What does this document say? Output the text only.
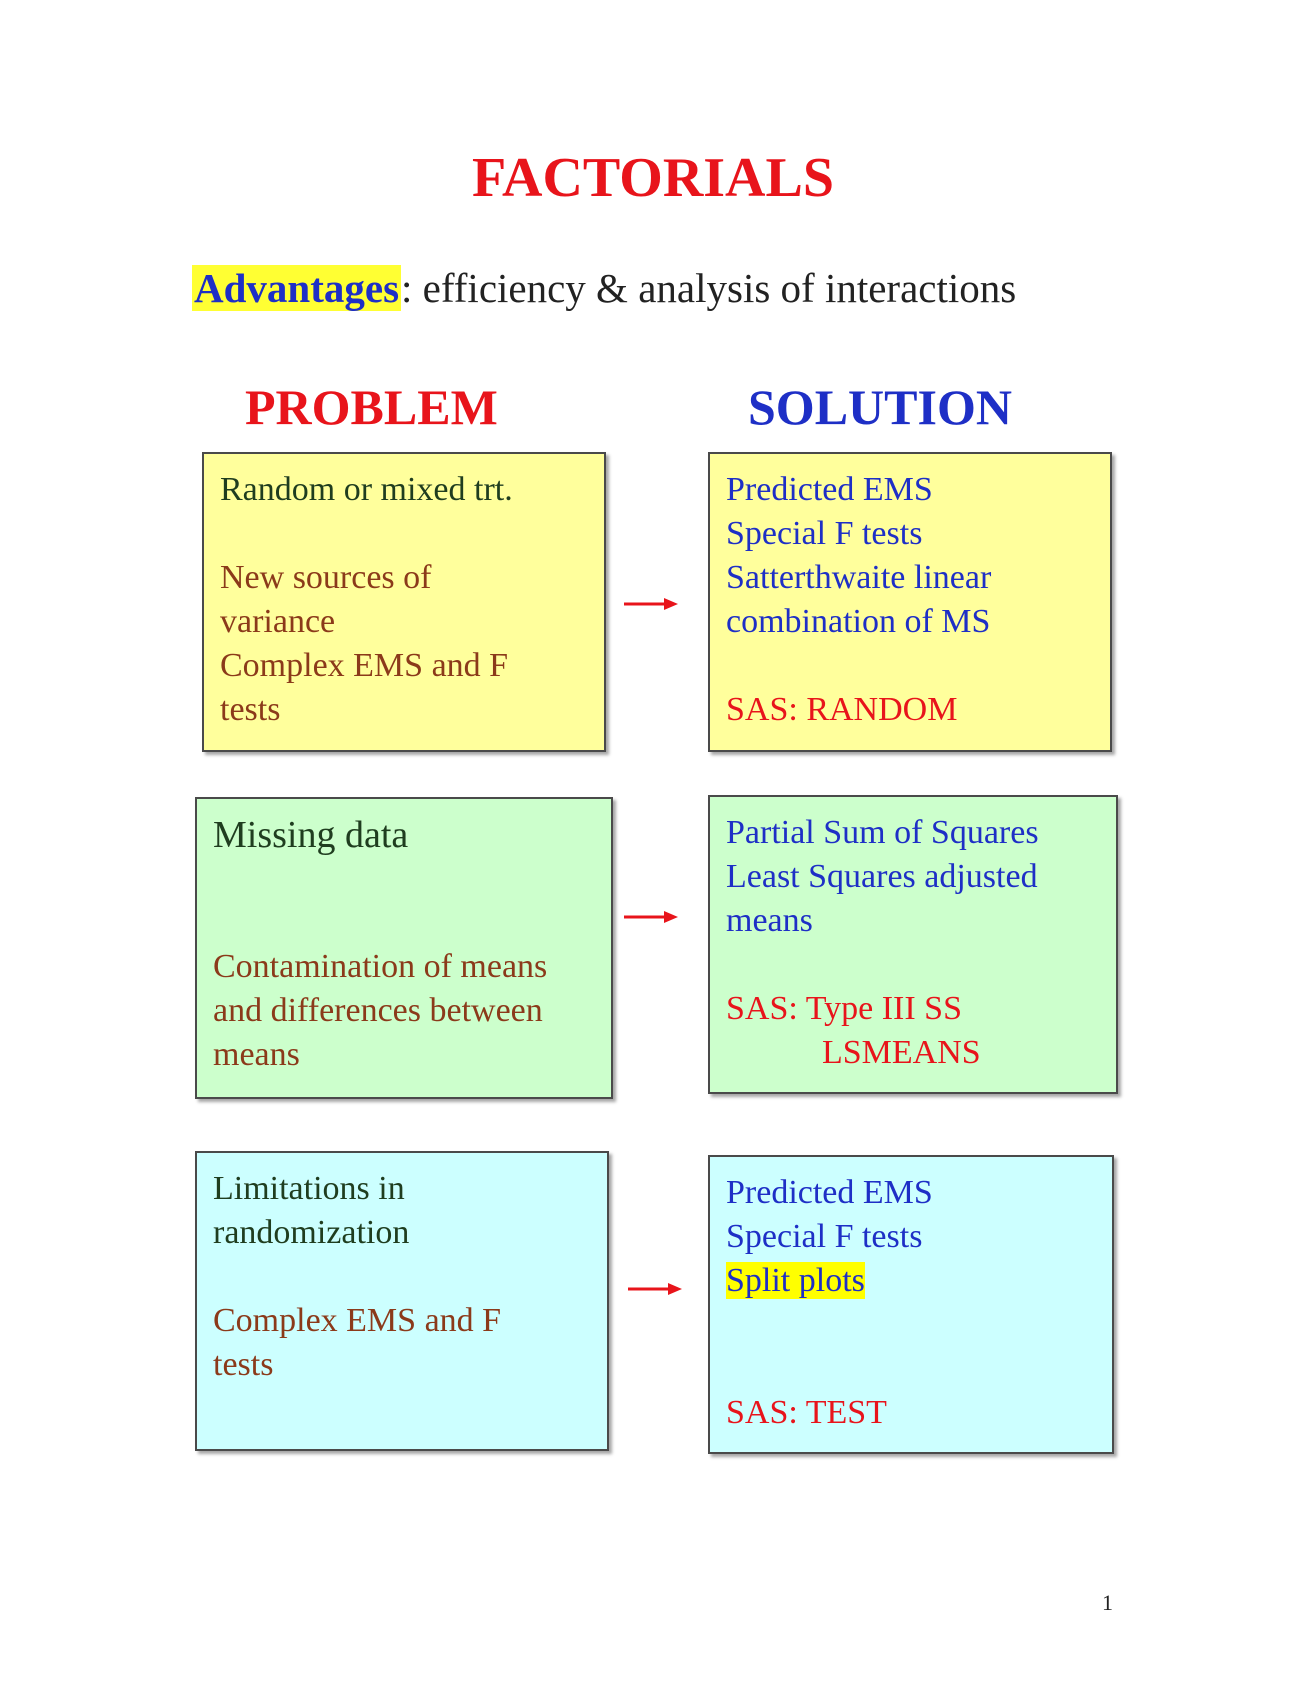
FACTORIALS
Advantages: efficiency & analysis of interactions
PROBLEM	SOLUTION
Random or mixed trt.
New sources of
variance
Complex EMS and F
tests
Predicted EMS
Special F tests
Satterthwaite linear
combination of MS
SAS: RANDOM
Missing data
Contamination of means
and differences between
means
Partial Sum of Squares
Least Squares adjusted
means
SAS: Type III SS
LSMEANS
Limitations in
randomization
Complex EMS and F
tests
Predicted EMS
Special F tests
Split plots
SAS: TEST
1
